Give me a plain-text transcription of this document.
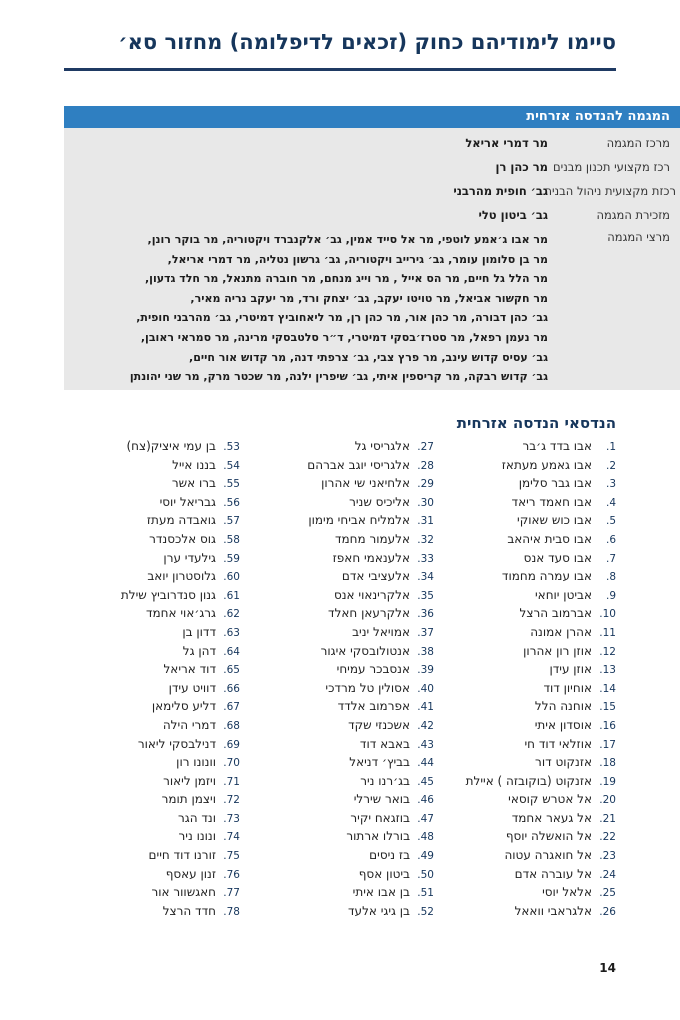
סיימו לימודיהם כחוק (זכאים לדיפלומה) מחזור סא׳
המגמה להנדסה אזרחית
מרכז המגמה
מר דמרי אריאל
רכז מקצועי תכנון מבנים
מר כהן רן
רכזת מקצועית ניהול הבניה
גב׳ חופית מהרבני
מזכירת המגמה
גב׳ ביטון טלי
מרצי המגמה
מר אבו ג׳אמע לוטפי, מר אל סייד אמין, גב׳ אלקנברד ויקטוריה, מר בוקר רונן,
מר בן סלומון עומר, גב׳ גירייב ויקטוריה, גב׳ גרשון נטליה, מר דמרי אריאל,
מר הלל גל חיים, מר הס אייל , מר וייג מנחם, מר חוברה מתנאל, מר חלד גדעון,
מר חקשור אביאל, מר טויטו יעקב, גב׳ יצחק ורד, מר יעקב נריה מאיר,
גב׳ כהן דבורה, מר כהן אור, מר כהן רן, מר ליאחוביץ דמיטרי, גב׳ מהרבני חופית,
מר נעמן רפאל, מר סטרז׳בסקי דמיטרי, ד״ר סלטבסקי מרינה, מר סמראי ראובן,
גב׳ עסיס קדוש עינב, מר פרץ צבי, גב׳ צרפתי דנה, מר קדוש אור חיים,
גב׳ קדוש רבקה, מר קריספין איתי, גב׳ שיפרין ילנה, מר שכטר מרק, מר שני יהונתן
הנדסאי הנדסה אזרחית
1.אבו בדד ג׳בר
2.אבו גאמע מעתאז
3.אבו גבר סלימן
4.אבו חאמד ריאד
5.אבו כוש שאוקי
6.אבו סבית איהאב
7.אבו סעד אנס
8.אבו עמרה מחמוד
9.אביטן יוחאי
10.אברמוב הרצל
11.אהרן אמונה
12.אוזן רון אהרון
13.אוזן עידן
14.אוחיון דוד
15.אוחנה הלל
16.אוסדון איתי
17.אוזלאי דוד חי
18.אזנקוט דור
19.אזנקוט (בוקובזה ) איילת
20.אל אטרש קוסאי
21.אל געאר אחמד
22.אל הואשלה יוסף
23.אל חואגרה עטוה
24.אל עוברה אדם
25.אלאל יוסי
26.אלגראבי וואאל
27.אלגריסי גל
28.אלגריסי יוגב אברהם
29.אלחיאני שי אהרון
30.אליכיס שניר
31.אלמליח אביחי מימון
32.אלעמור מחמד
33.אלענאמי חאפז
34.אלעציבי אדם
35.אלקרינאוי אנס
36.אלקרעאן חאלד
37.אמויאל יניב
38.אנטולובסקי איגור
39.אנסבכר עמיחי
40.אסולין טל מרדכי
41.אפרמוב אלדד
42.אשכנזי שקד
43.באבא דוד
44.בביץ׳ דניאל
45.בג׳רנו ניר
46.בואר שירלי
47.בוזגאח יקיר
48.בורלו ארתור
49.בז ניסים
50.ביטון אסף
51.בן אבו איתי
52.בן גיגי אלעד
53.בן עמי איציק(צח)
54.בננו אייל
55.ברו אשר
56.גבריאל יוסי
57.גואבדה מעתז
58.גוס אלכסנדר
59.גילעדי ערן
60.גלוסטרון יואב
61.גנון סנדרוביץ שילת
62.גרג׳אוי אחמד
63.דדון בן
64.דהן גל
65.דוד אריאל
66.דוויט עידן
67.דליע סלימאן
68.דמרי הילה
69.דנילבסקי ליאור
70.וונונו רון
71.ויזמן ליאור
72.ויצמן תומר
73.ונד הגר
74.ונונו ניר
75.זורנו דוד חיים
76.זנון עאסף
77.חאגשוור אור
78.חדד הרצל
14
